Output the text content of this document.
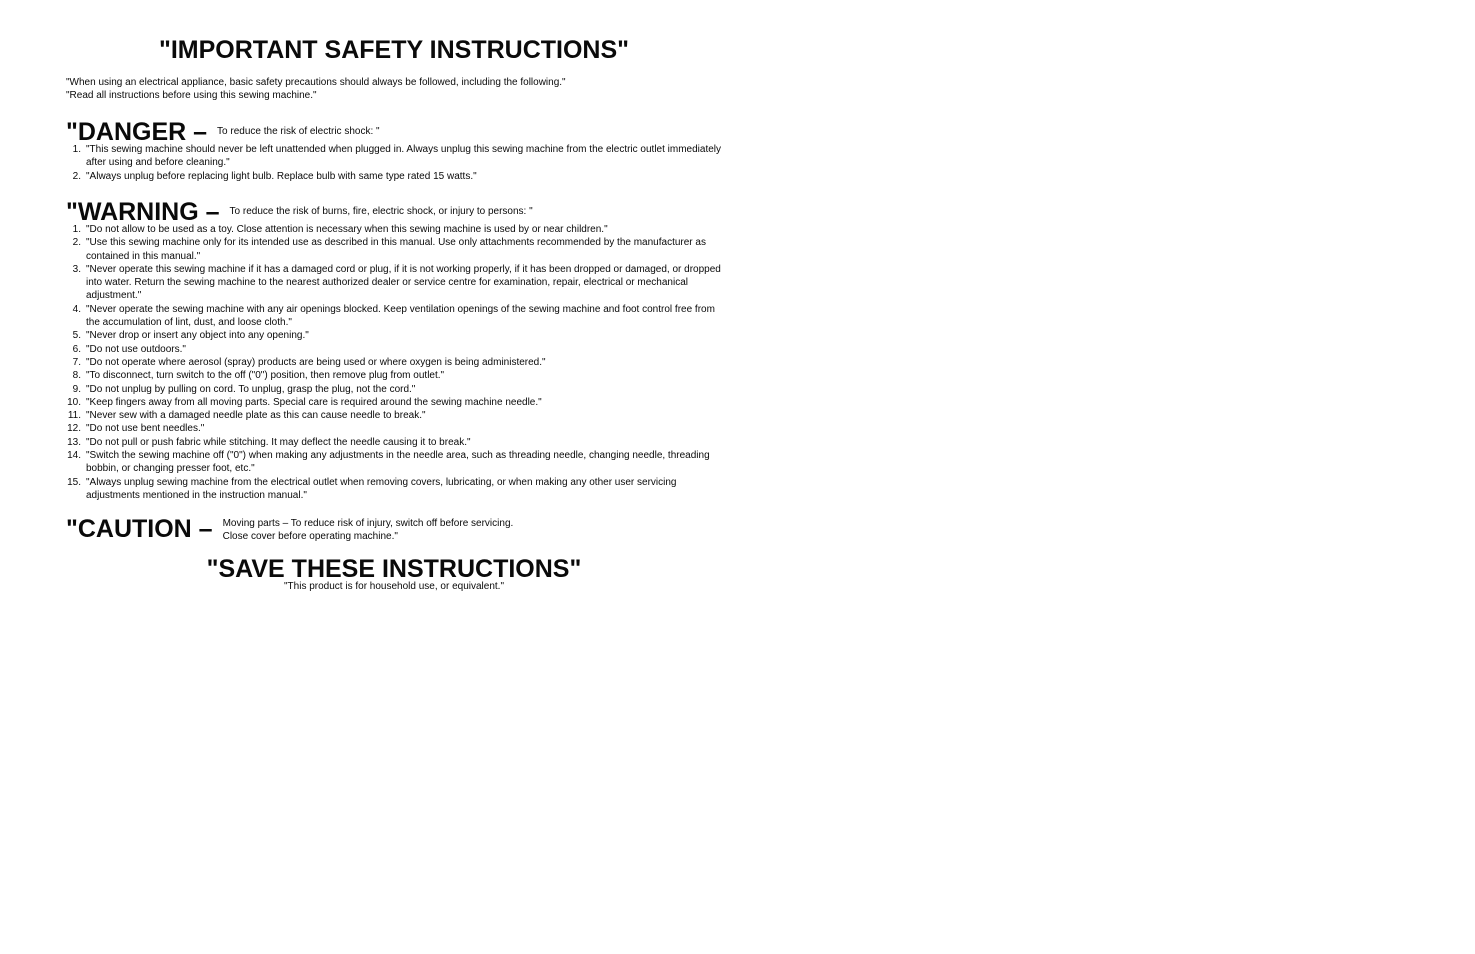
"IMPORTANT SAFETY INSTRUCTIONS"
"When using an electrical appliance, basic safety precautions should always be followed, including the following."
"Read all instructions before using this sewing machine."
"DANGER – $^{To reduce the risk of electric shock: "}$
1. "This sewing machine should never be left unattended when plugged in. Always unplug this sewing machine from the electric outlet immediately after using and before cleaning."
2. "Always unplug before replacing light bulb. Replace bulb with same type rated 15 watts."
"WARNING – $^{To reduce the risk of burns, fire, electric shock, or injury to persons: "}$
1. "Do not allow to be used as a toy. Close attention is necessary when this sewing machine is used by or near children."
2. "Use this sewing machine only for its intended use as described in this manual. Use only attachments recommended by the manufacturer as contained in this manual."
3. "Never operate this sewing machine if it has a damaged cord or plug, if it is not working properly, if it has been dropped or damaged, or dropped into water. Return the sewing machine to the nearest authorized dealer or service centre for examination, repair, electrical or mechanical adjustment."
4. "Never operate the sewing machine with any air openings blocked. Keep ventilation openings of the sewing machine and foot control free from the accumulation of lint, dust, and loose cloth."
5. "Never drop or insert any object into any opening."
6. "Do not use outdoors."
7. "Do not operate where aerosol (spray) products are being used or where oxygen is being administered."
8. "To disconnect, turn switch to the off ("0") position, then remove plug from outlet."
9. "Do not unplug by pulling on cord. To unplug, grasp the plug, not the cord."
10. "Keep fingers away from all moving parts. Special care is required around the sewing machine needle."
11. "Never sew with a damaged needle plate as this can cause needle to break."
12. "Do not use bent needles."
13. "Do not pull or push fabric while stitching. It may deflect the needle causing it to break."
14. "Switch the sewing machine off ("0") when making any adjustments in the needle area, such as threading needle, changing needle, threading bobbin, or changing presser foot, etc."
15. "Always unplug sewing machine from the electrical outlet when removing covers, lubricating, or when making any other user servicing adjustments mentioned in the instruction manual."
"CAUTION – Moving parts – To reduce risk of injury, switch off before servicing.
Close cover before operating machine."
"SAVE THESE INSTRUCTIONS"
"This product is for household use, or equivalent."
